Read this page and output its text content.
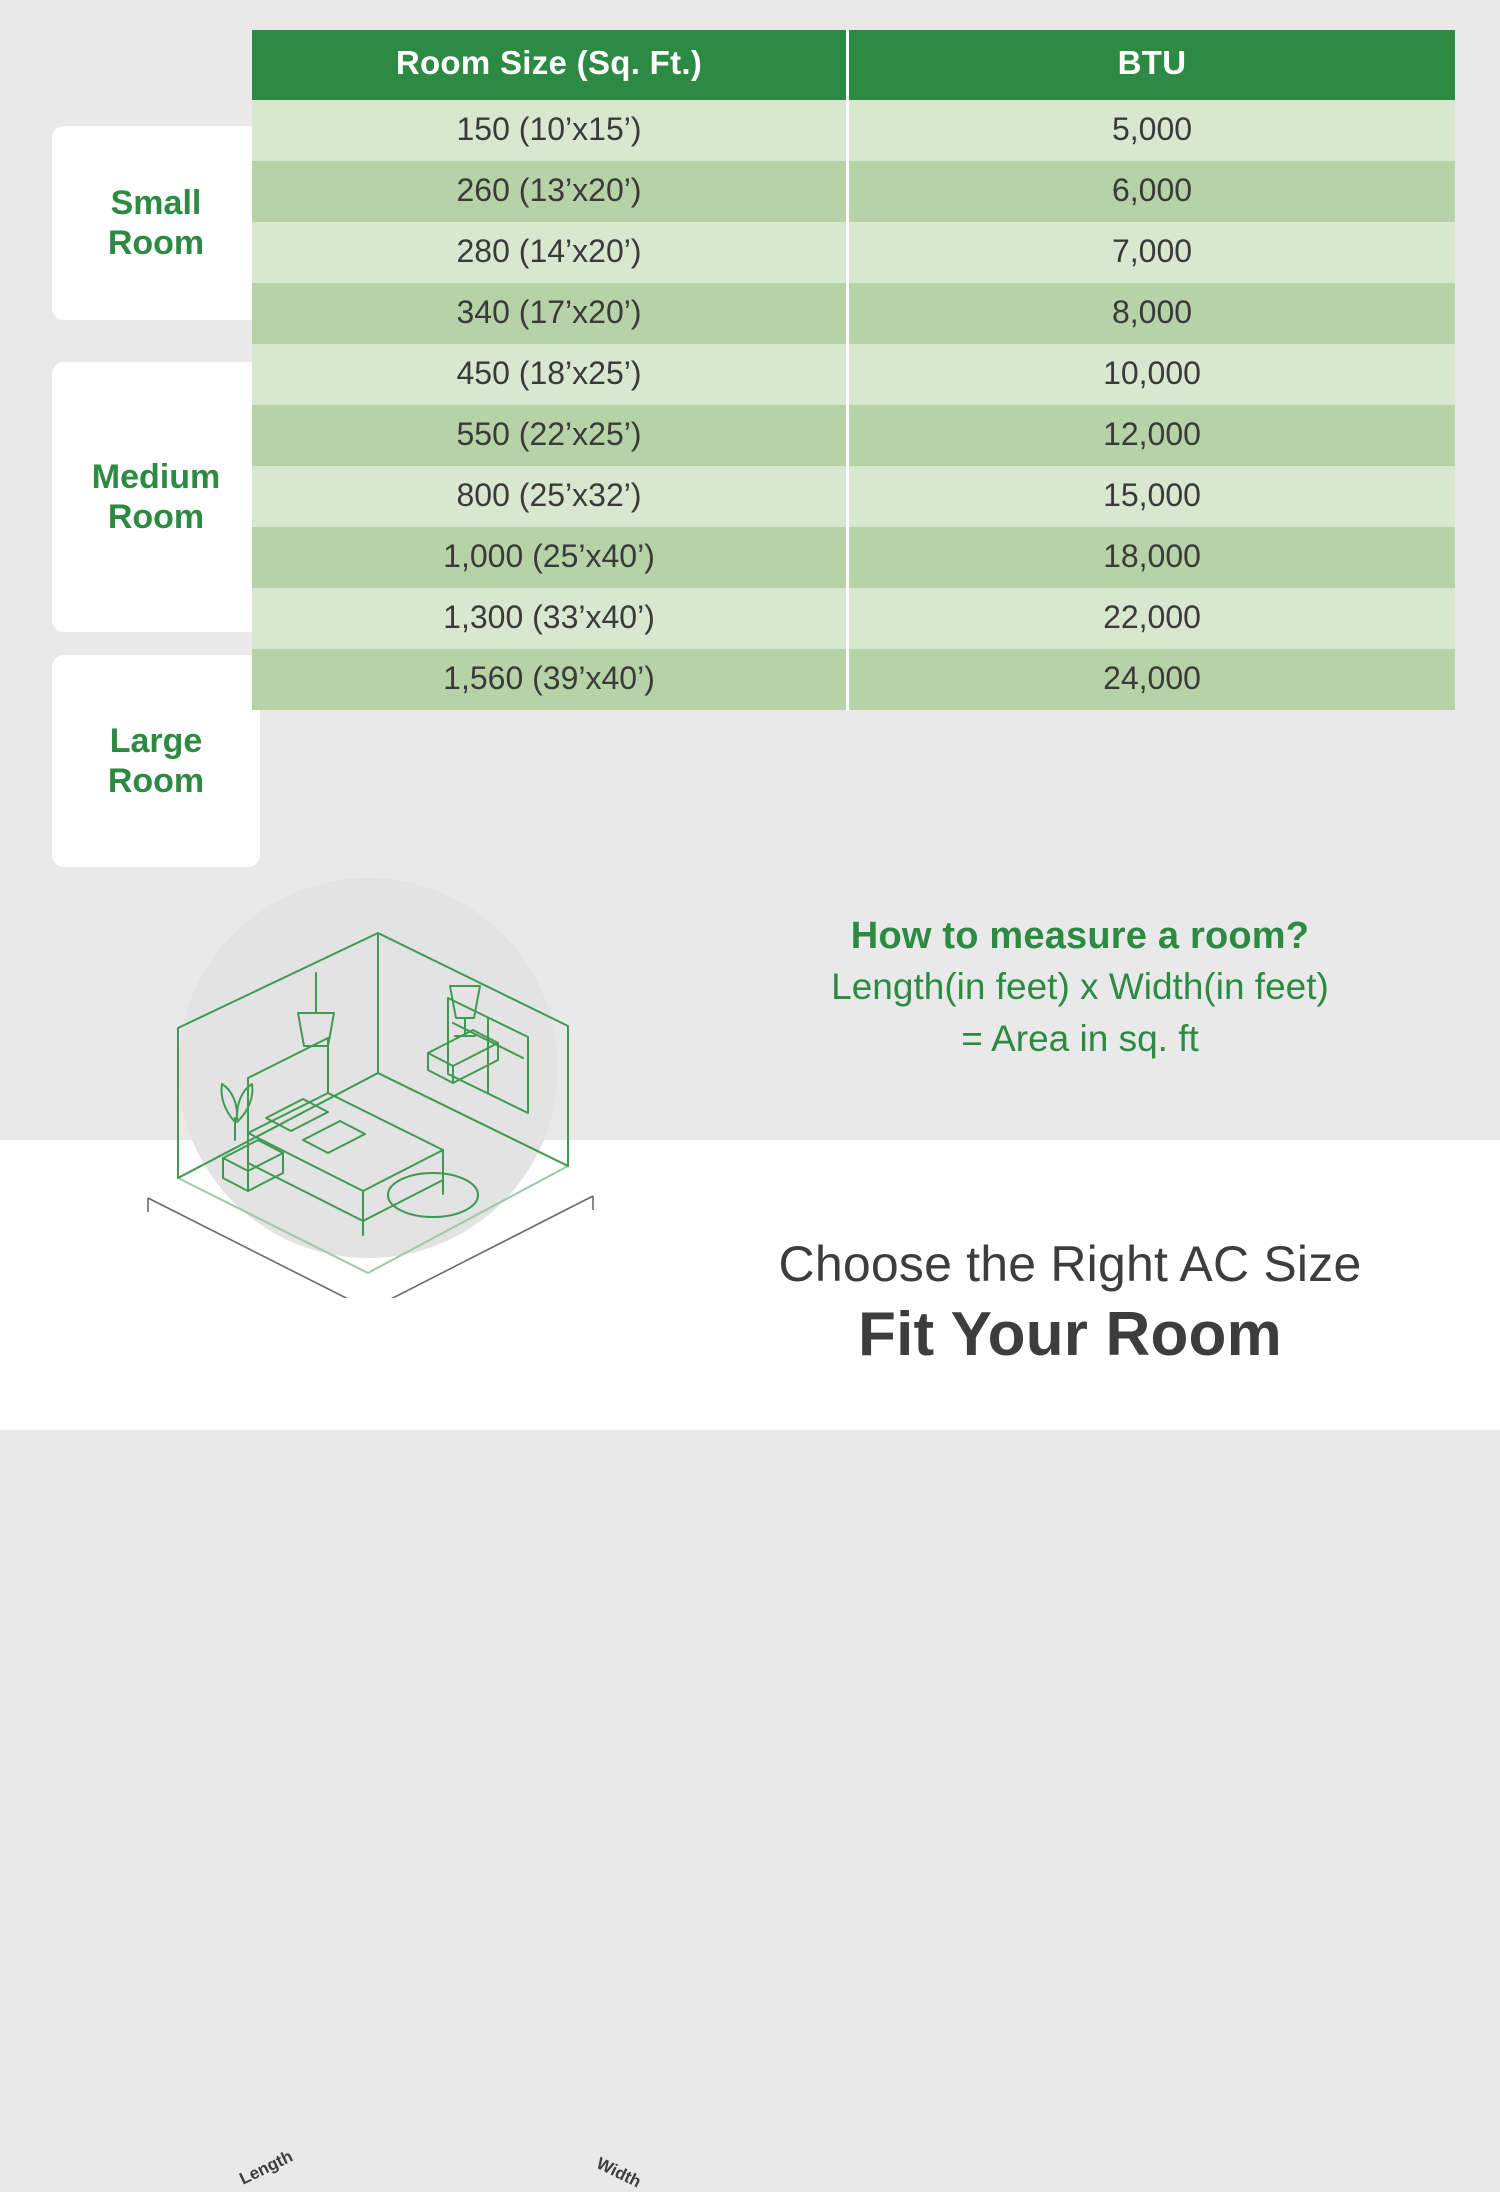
Small
Room
Medium
Room
Large
Room
Room Size (Sq. Ft.)	BTU
150 (10’x15’)	5,000
260 (13’x20’)	6,000
280 (14’x20’)	7,000
340 (17’x20’)	8,000
450 (18’x25’)	10,000
550 (22’x25’)	12,000
800 (25’x32’)	15,000
1,000 (25’x40’)	18,000
1,300 (33’x40’)	22,000
1,560 (39’x40’)	24,000
Length	Width
How to measure a room?

Length(in feet) x Width(in feet)

= Area in sq. ft

Choose the Right AC Size
Fit Your Room
